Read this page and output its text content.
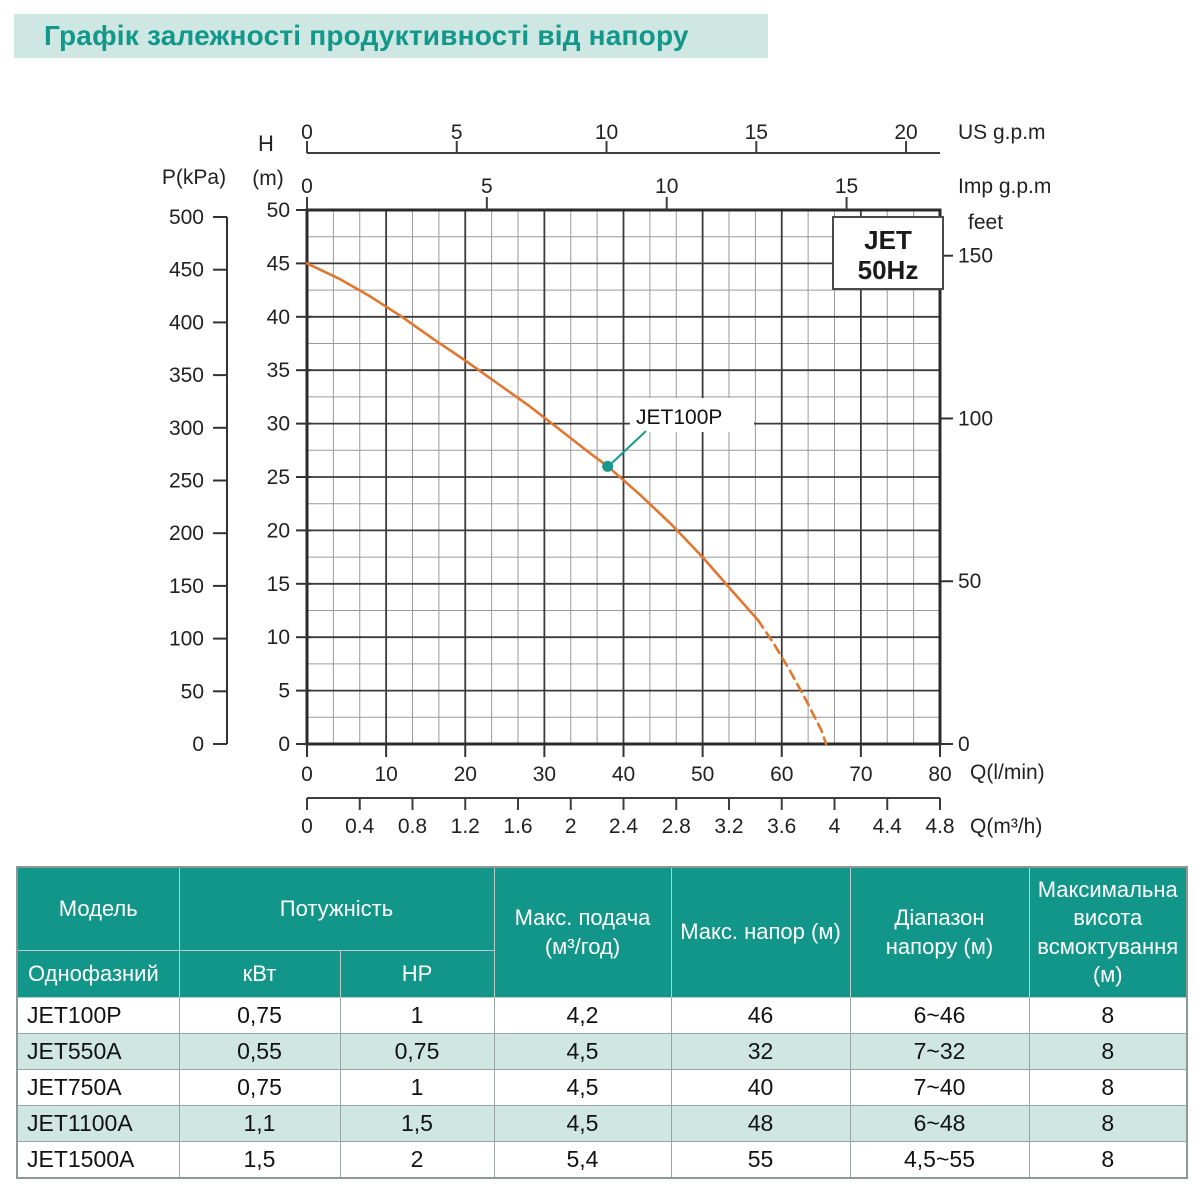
Графік залежності продуктивності від напору
0	5	10	15	20 US g.p.m
0	5	10	15	Imp g.p.m
50
45
40
35
30
25
20
15
10
5
0
H
(m)
500
450
400
350
300
250
200
150
100
50
0
P(kPa)
150
100
50
0
feet
0	10	20	30	40	50	60	70	80 Q(l/min)
0 0.4 0.8 1.2 1.6 2 2.4 2.8 3.2 3.6 4 4.4 4.8 Q(m³/h)
JET
50Hz
JET100P
Модель	Потужність		Макс. подача (м³/год)	Макс. напор (м)	Діапазон напору (м)	Максимальна висота всмоктування (м)
Однофазний	кВт	HP				
JET100P	0,75	1	4,2	46	6~46	8
JET550A	0,55	0,75	4,5	32	7~32	8
JET750A	0,75	1	4,5	40	7~40	8
JET1100A	1,1	1,5	4,5	48	6~48	8
JET1500A	1,5	2	5,4	55	4,5~55	8
